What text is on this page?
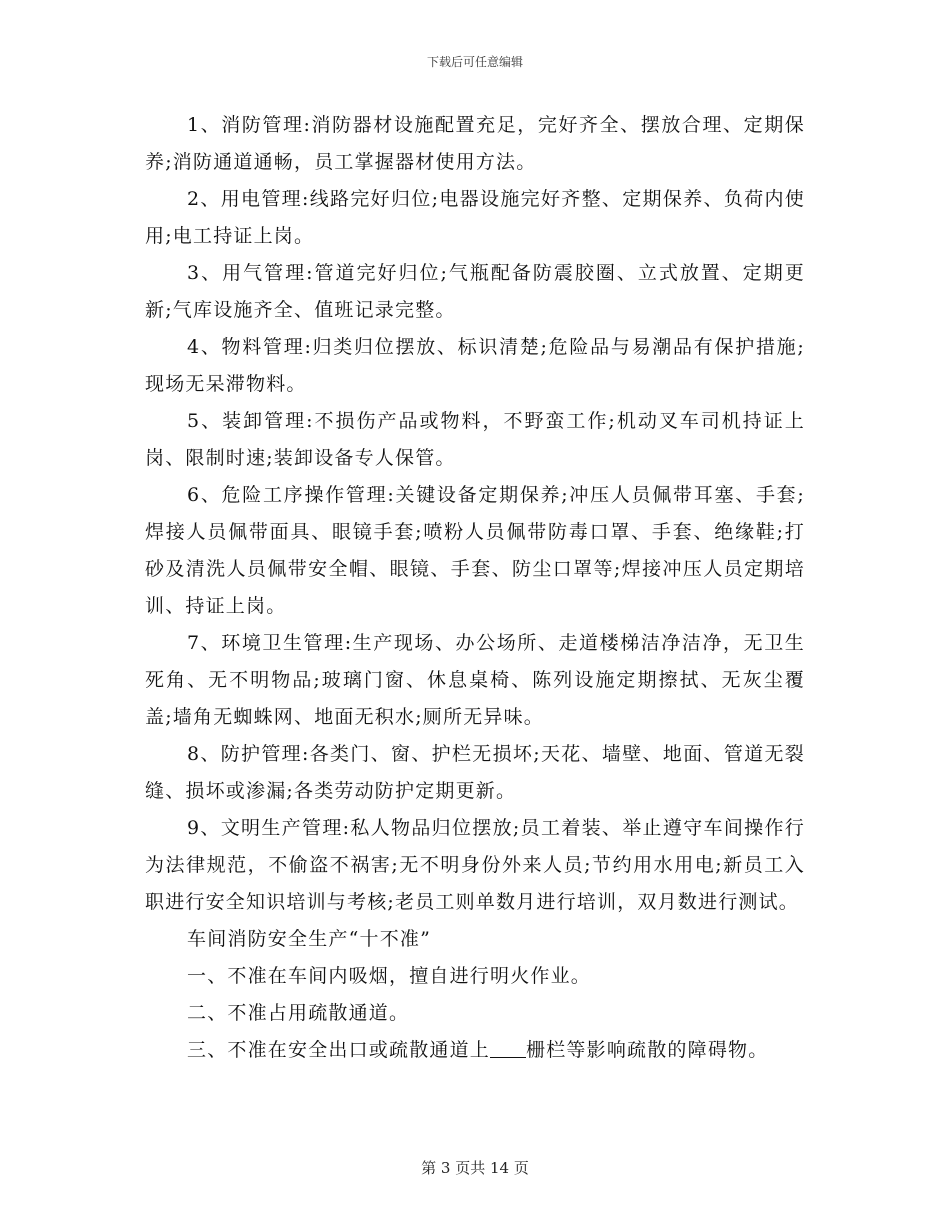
下载后可任意编辑

1、消防管理:消防器材设施配置充足，完好齐全、摆放合理、定期保养;消防通道通畅，员工掌握器材使用方法。

2、用电管理:线路完好归位;电器设施完好齐整、定期保养、负荷内使用;电工持证上岗。

3、用气管理:管道完好归位;气瓶配备防震胶圈、立式放置、定期更新;气库设施齐全、值班记录完整。

4、物料管理:归类归位摆放、标识清楚;危险品与易潮品有保护措施;现场无呆滞物料。

5、装卸管理:不损伤产品或物料，不野蛮工作;机动叉车司机持证上岗、限制时速;装卸设备专人保管。

6、危险工序操作管理:关键设备定期保养;冲压人员佩带耳塞、手套;焊接人员佩带面具、眼镜手套;喷粉人员佩带防毒口罩、手套、绝缘鞋;打砂及清洗人员佩带安全帽、眼镜、手套、防尘口罩等;焊接冲压人员定期培训、持证上岗。

7、环境卫生管理:生产现场、办公场所、走道楼梯洁净洁净，无卫生死角、无不明物品;玻璃门窗、休息桌椅、陈列设施定期擦拭、无灰尘覆盖;墙角无蜘蛛网、地面无积水;厕所无异味。

8、防护管理:各类门、窗、护栏无损坏;天花、墙壁、地面、管道无裂缝、损坏或渗漏;各类劳动防护定期更新。

9、文明生产管理:私人物品归位摆放;员工着装、举止遵守车间操作行为法律规范，不偷盗不祸害;无不明身份外来人员;节约用水用电;新员工入职进行安全知识培训与考核;老员工则单数月进行培训，双月数进行测试。

车间消防安全生产“十不准”

一、不准在车间内吸烟，擅自进行明火作业。

二、不准占用疏散通道。

三、不准在安全出口或疏散通道上 栅栏等影响疏散的障碍物。

第 3 页共 14 页
